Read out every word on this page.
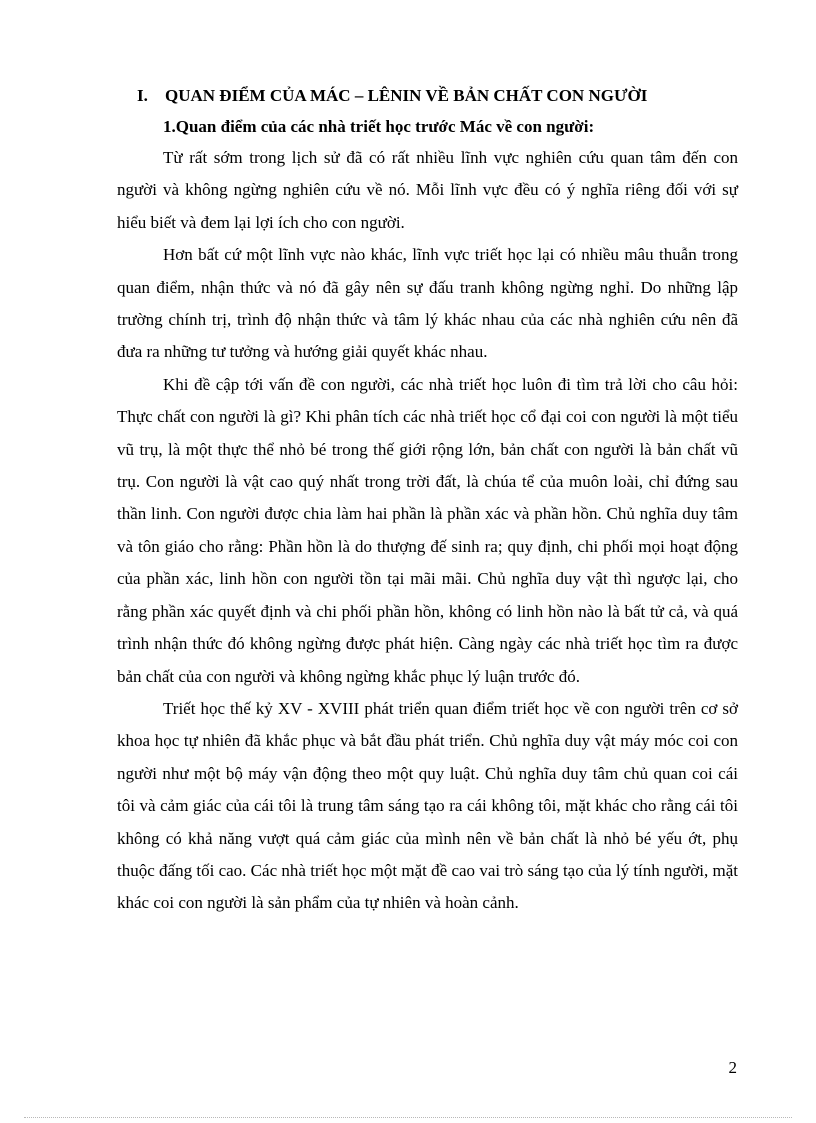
I. QUAN ĐIỂM CỦA MÁC – LÊNIN VỀ BẢN CHẤT CON NGƯỜI

1.Quan điểm của các nhà triết học trước Mác về con người:

Từ rất sớm trong lịch sử đã có rất nhiều lĩnh vực nghiên cứu quan tâm đến con người và không ngừng nghiên cứu về nó. Mỗi lĩnh vực đều có ý nghĩa riêng đối với sự hiểu biết và đem lại lợi ích cho con người.

Hơn bất cứ một lĩnh vực nào khác, lĩnh vực triết học lại có nhiều mâu thuẫn trong quan điểm, nhận thức và nó đã gây nên sự đấu tranh không ngừng nghỉ. Do những lập trường chính trị, trình độ nhận thức và tâm lý khác nhau của các nhà nghiên cứu nên đã đưa ra những tư tưởng và hướng giải quyết khác nhau.

Khi đề cập tới vấn đề con người, các nhà triết học luôn đi tìm trả lời cho câu hỏi: Thực chất con người là gì? Khi phân tích các nhà triết học cổ đại coi con người là một tiểu vũ trụ, là một thực thể nhỏ bé trong thế giới rộng lớn, bản chất con người là bản chất vũ trụ. Con người là vật cao quý nhất trong trời đất, là chúa tể của muôn loài, chỉ đứng sau thần linh. Con người được chia làm hai phần là phần xác và phần hồn. Chủ nghĩa duy tâm và tôn giáo cho rằng: Phần hồn là do thượng đế sinh ra; quy định, chi phối mọi hoạt động của phần xác, linh hồn con người tồn tại mãi mãi. Chủ nghĩa duy vật thì ngược lại, cho rằng phần xác quyết định và chi phối phần hồn, không có linh hồn nào là bất tử cả, và quá trình nhận thức đó không ngừng được phát hiện. Càng ngày các nhà triết học tìm ra được bản chất của con người và không ngừng khắc phục lý luận trước đó.

Triết học thế kỷ XV - XVIII phát triển quan điểm triết học về con người trên cơ sở khoa học tự nhiên đã khắc phục và bắt đầu phát triển. Chủ nghĩa duy vật máy móc coi con người như một bộ máy vận động theo một quy luật. Chủ nghĩa duy tâm chủ quan coi cái tôi và cảm giác của cái tôi là trung tâm sáng tạo ra cái không tôi, mặt khác cho rằng cái tôi không có khả năng vượt quá cảm giác của mình nên về bản chất là nhỏ bé yếu ớt, phụ thuộc đấng tối cao. Các nhà triết học một mặt đề cao vai trò sáng tạo của lý tính người, mặt khác coi con người là sản phẩm của tự nhiên và hoàn cảnh.

2
